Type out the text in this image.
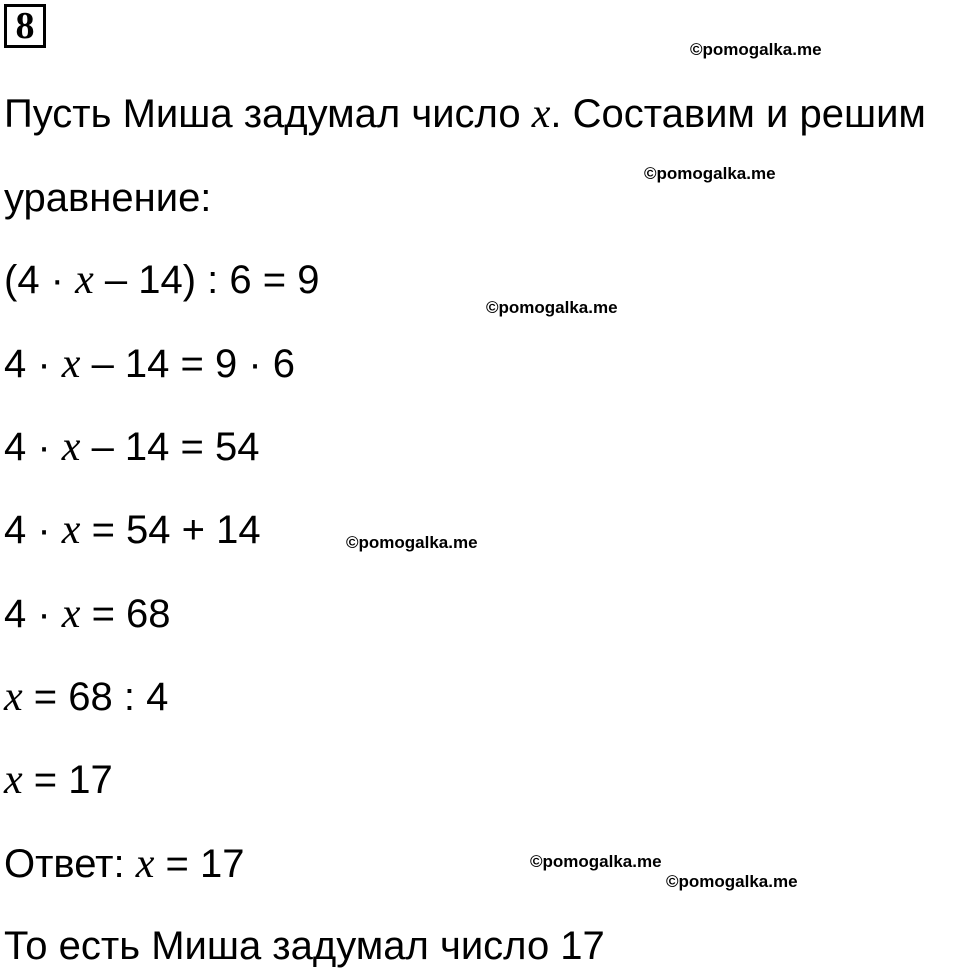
8
©pomogalka.me
Пусть Миша задумал число x. Составим и решим
©pomogalka.me
уравнение:
(4 · x – 14) : 6 = 9
©pomogalka.me
4 · x – 14 = 9 · 6
4 · x – 14 = 54
4 · x = 54 + 14	©pomogalka.me
4 · x = 68
x = 68 : 4
x = 17
Ответ: x = 17	©pomogalka.me
©pomogalka.me
То есть Миша задумал число 17
